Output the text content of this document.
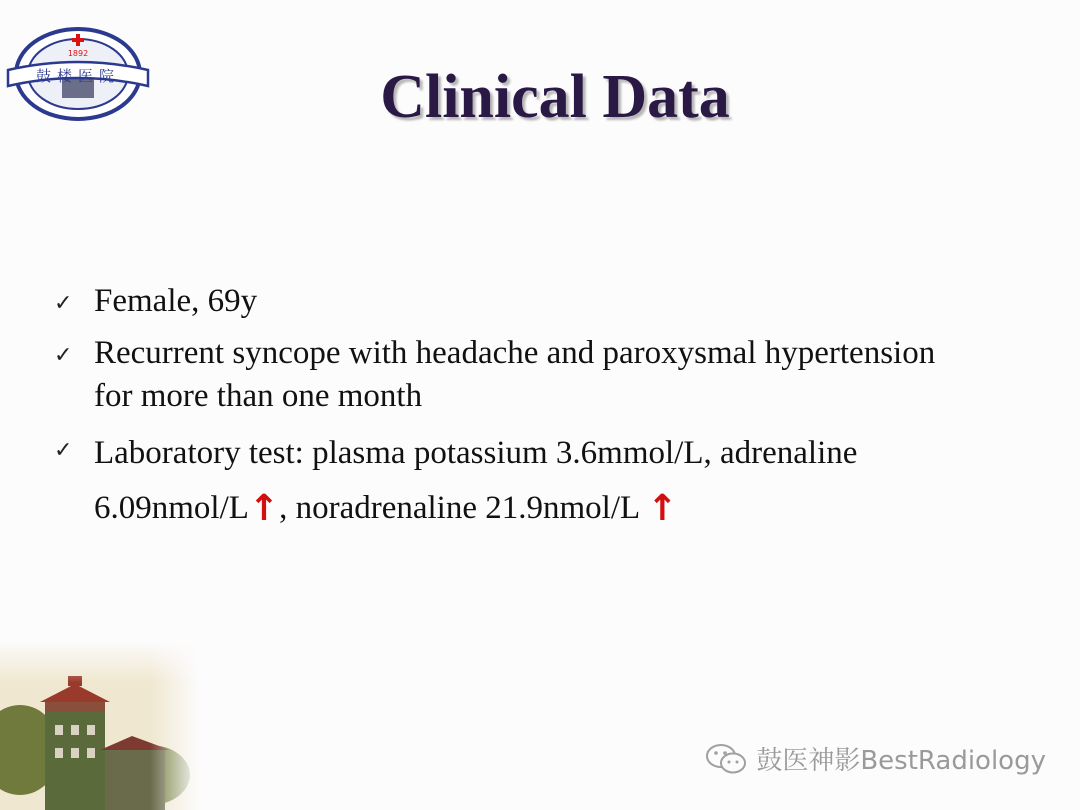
1892
鼓楼医院	Clinical Data
✓ Female, 69y
✓ Recurrent syncope with headache and paroxysmal hypertension
for more than one month
✓ Laboratory test: plasma potassium 3.6mmol/L, adrenaline
6.09nmol/L↑, noradrenaline 21.9nmol/L ↑
鼓医神影BestRadiology
